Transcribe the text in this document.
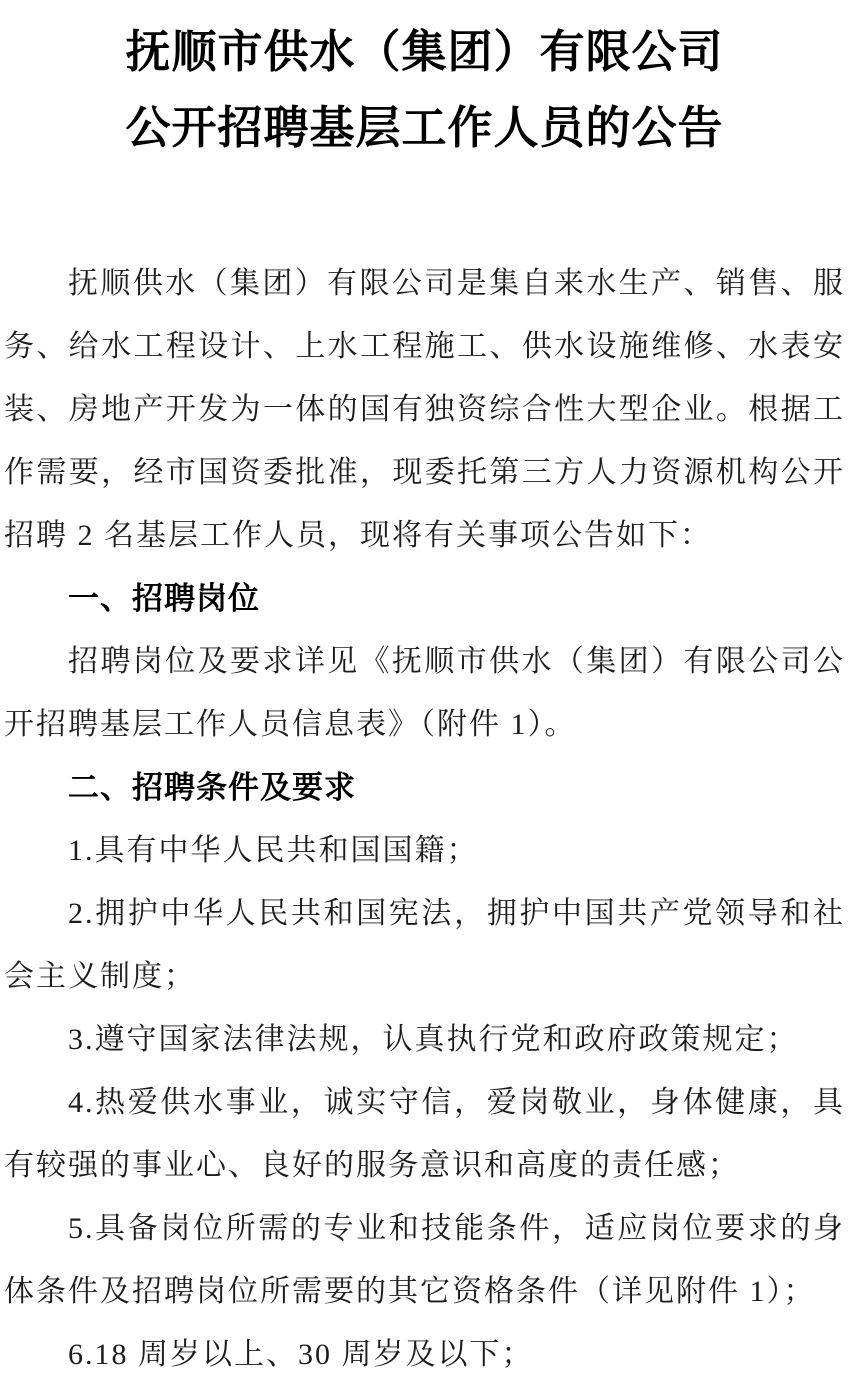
抚顺市供水（集团）有限公司
公开招聘基层工作人员的公告

抚顺供水（集团）有限公司是集自来水生产、销售、服务、给水工程设计、上水工程施工、供水设施维修、水表安装、房地产开发为一体的国有独资综合性大型企业。根据工作需要，经市国资委批准，现委托第三方人力资源机构公开招聘 2 名基层工作人员，现将有关事项公告如下：

一、招聘岗位

招聘岗位及要求详见《抚顺市供水（集团）有限公司公开招聘基层工作人员信息表》（附件 1）。

二、招聘条件及要求

1.具有中华人民共和国国籍；

2.拥护中华人民共和国宪法，拥护中国共产党领导和社会主义制度；

3.遵守国家法律法规，认真执行党和政府政策规定；

4.热爱供水事业，诚实守信，爱岗敬业，身体健康，具有较强的事业心、良好的服务意识和高度的责任感；

5.具备岗位所需的专业和技能条件，适应岗位要求的身体条件及招聘岗位所需要的其它资格条件（详见附件 1）；

6.18 周岁以上、30 周岁及以下；
